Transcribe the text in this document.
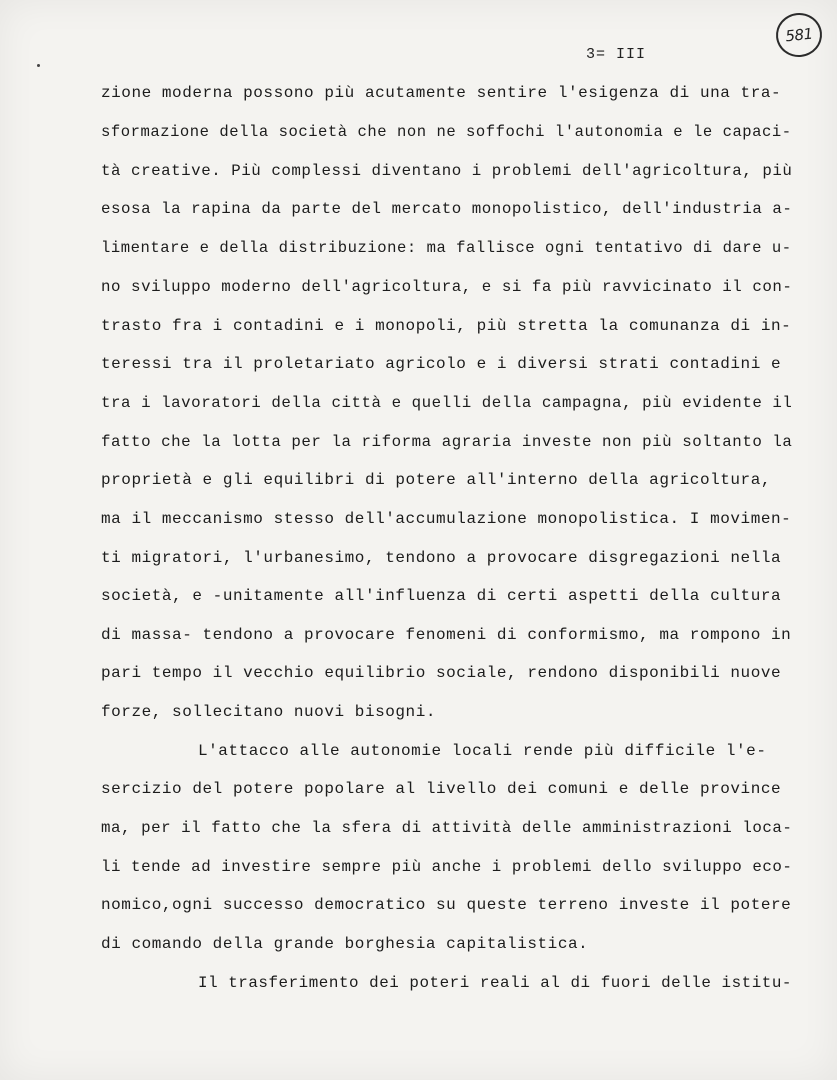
581
3= III
zione moderna possono più acutamente sentire l'esigenza di una tra-
sformazione della società che non ne soffochi l'autonomia e le capaci-
tà creative. Più complessi diventano i problemi dell'agricoltura, più
esosa la rapina da parte del mercato monopolistico, dell'industria a-
limentare e della distribuzione: ma fallisce ogni tentativo di dare u-
no sviluppo moderno dell'agricoltura, e si fa più ravvicinato il con-
trasto fra i contadini e i monopoli, più stretta la comunanza di in-
teressi tra il proletariato agricolo e i diversi strati contadini e
tra i lavoratori della città e quelli della campagna, più evidente il
fatto che la lotta per la riforma agraria investe non più soltanto la
proprietà e gli equilibri di potere all'interno della agricoltura,
ma il meccanismo stesso dell'accumulazione monopolistica. I movimen-
ti migratori, l'urbanesimo, tendono a provocare disgregazioni nella
società, e -unitamente all'influenza di certi aspetti della cultura
di massa- tendono a provocare fenomeni di conformismo, ma rompono in
pari tempo il vecchio equilibrio sociale, rendono disponibili nuove
forze, sollecitano nuovi bisogni.
L'attacco alle autonomie locali rende più difficile l'e-
sercizio del potere popolare al livello dei comuni e delle province
ma, per il fatto che la sfera di attività delle amministrazioni loca-
li tende ad investire sempre più anche i problemi dello sviluppo eco-
nomico,ogni successo democratico su queste terreno investe il potere
di comando della grande borghesia capitalistica.
Il trasferimento dei poteri reali al di fuori delle istitu-
